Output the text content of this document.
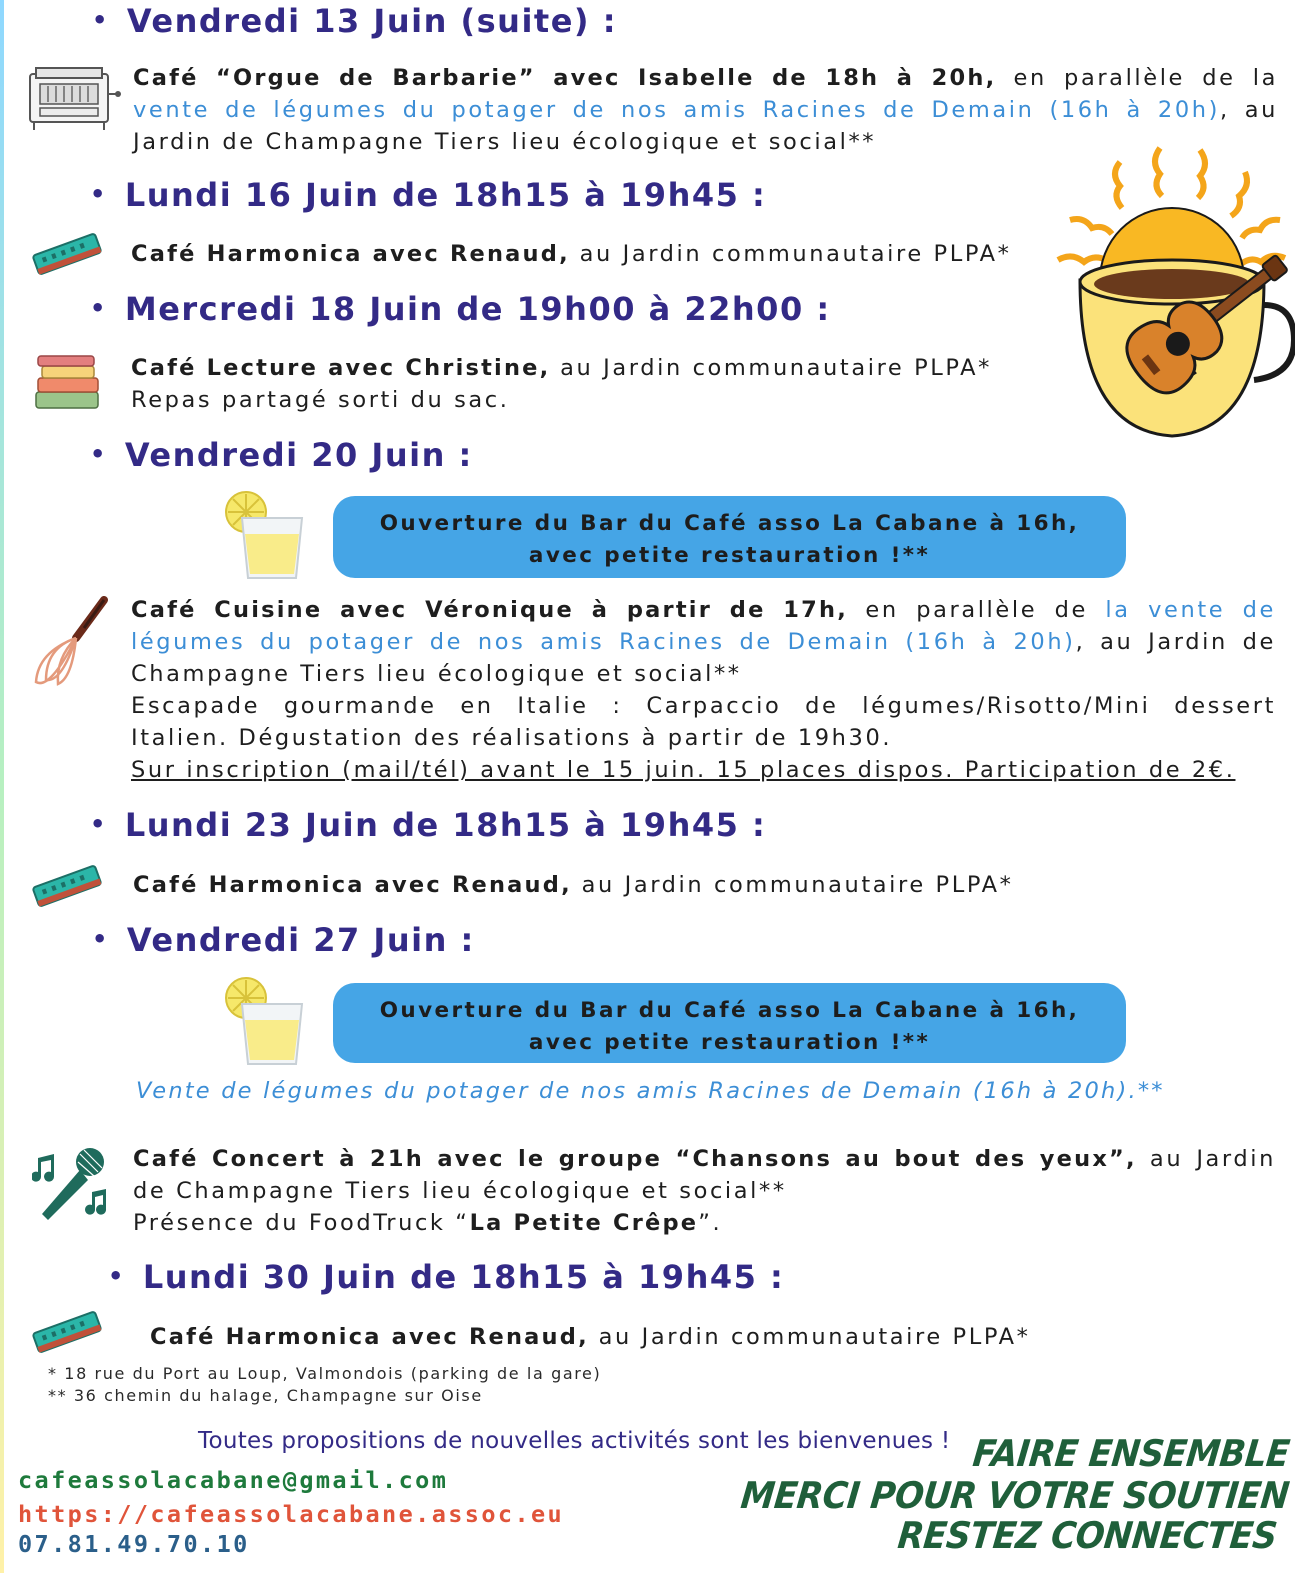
• Vendredi 13 Juin (suite) :
Café “Orgue de Barbarie” avec Isabelle de 18h à 20h, en parallèle de la
vente de légumes du potager de nos amis Racines de Demain (16h à 20h), au
Jardin de Champagne Tiers lieu écologique et social**
• Lundi 16 Juin de 18h15 à 19h45 :

Café Harmonica avec Renaud, au Jardin communautaire PLPA*

• Mercredi 18 Juin de 19h00 à 22h00 :
Café Lecture avec Christine, au Jardin communautaire PLPA*
Repas partagé sorti du sac.
• Vendredi 20 Juin :
Ouverture du Bar du Café asso La Cabane à 16h,
avec petite restauration !**
Café Cuisine avec Véronique à partir de 17h, en parallèle de la vente de
légumes du potager de nos amis Racines de Demain (16h à 20h), au Jardin de
Champagne Tiers lieu écologique et social**
Escapade gourmande en Italie : Carpaccio de légumes/Risotto/Mini dessert
Italien. Dégustation des réalisations à partir de 19h30.
Sur inscription (mail/tél) avant le 15 juin. 15 places dispos. Participation de 2€.
• Lundi 23 Juin de 18h15 à 19h45 :

Café Harmonica avec Renaud, au Jardin communautaire PLPA*

• Vendredi 27 Juin :
Ouverture du Bar du Café asso La Cabane à 16h,
avec petite restauration !**

Vente de légumes du potager de nos amis Racines de Demain (16h à 20h).**

Café Concert à 21h avec le groupe “Chansons au bout des yeux”, au Jardin
de Champagne Tiers lieu écologique et social**
Présence du FoodTruck “La Petite Crêpe”.
• Lundi 30 Juin de 18h15 à 19h45 :

Café Harmonica avec Renaud, au Jardin communautaire PLPA*

* 18 rue du Port au Loup, Valmondois (parking de la gare)

** 36 chemin du halage, Champagne sur Oise

Toutes propositions de nouvelles activités sont les bienvenues !

cafeassolacabane@gmail.com
https://cafeassolacabane.assoc.eu

07.81.49.70.10

FAIRE ENSEMBLE

MERCI POUR VOTRE SOUTIEN

RESTEZ CONNECTES
